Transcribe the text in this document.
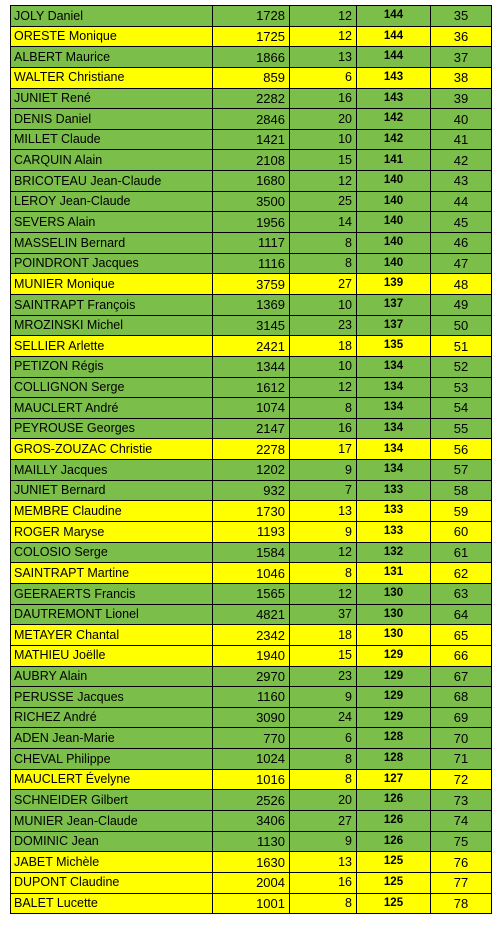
JOLY Daniel	1728	12	144	35
ORESTE Monique	1725	12	144	36
ALBERT Maurice	1866	13	144	37
WALTER Christiane	859	6	143	38
JUNIET René	2282	16	143	39
DENIS Daniel	2846	20	142	40
MILLET Claude	1421	10	142	41
CARQUIN Alain	2108	15	141	42
BRICOTEAU Jean-Claude	1680	12	140	43
LEROY Jean-Claude	3500	25	140	44
SEVERS Alain	1956	14	140	45
MASSELIN Bernard	1117	8	140	46
POINDRONT Jacques	1116	8	140	47
MUNIER Monique	3759	27	139	48
SAINTRAPT François	1369	10	137	49
MROZINSKI Michel	3145	23	137	50
SELLIER Arlette	2421	18	135	51
PETIZON Régis	1344	10	134	52
COLLIGNON Serge	1612	12	134	53
MAUCLERT André	1074	8	134	54
PEYROUSE Georges	2147	16	134	55
GROS-ZOUZAC Christie	2278	17	134	56
MAILLY Jacques	1202	9	134	57
JUNIET Bernard	932	7	133	58
MEMBRE Claudine	1730	13	133	59
ROGER Maryse	1193	9	133	60
COLOSIO Serge	1584	12	132	61
SAINTRAPT Martine	1046	8	131	62
GEERAERTS Francis	1565	12	130	63
DAUTREMONT Lionel	4821	37	130	64
METAYER Chantal	2342	18	130	65
MATHIEU Joëlle	1940	15	129	66
AUBRY Alain	2970	23	129	67
PERUSSE Jacques	1160	9	129	68
RICHEZ André	3090	24	129	69
ADEN Jean-Marie	770	6	128	70
CHEVAL Philippe	1024	8	128	71
MAUCLERT Évelyne	1016	8	127	72
SCHNEIDER Gilbert	2526	20	126	73
MUNIER Jean-Claude	3406	27	126	74
DOMINIC Jean	1130	9	126	75
JABET Michèle	1630	13	125	76
DUPONT Claudine	2004	16	125	77
BALET Lucette	1001	8	125	78
